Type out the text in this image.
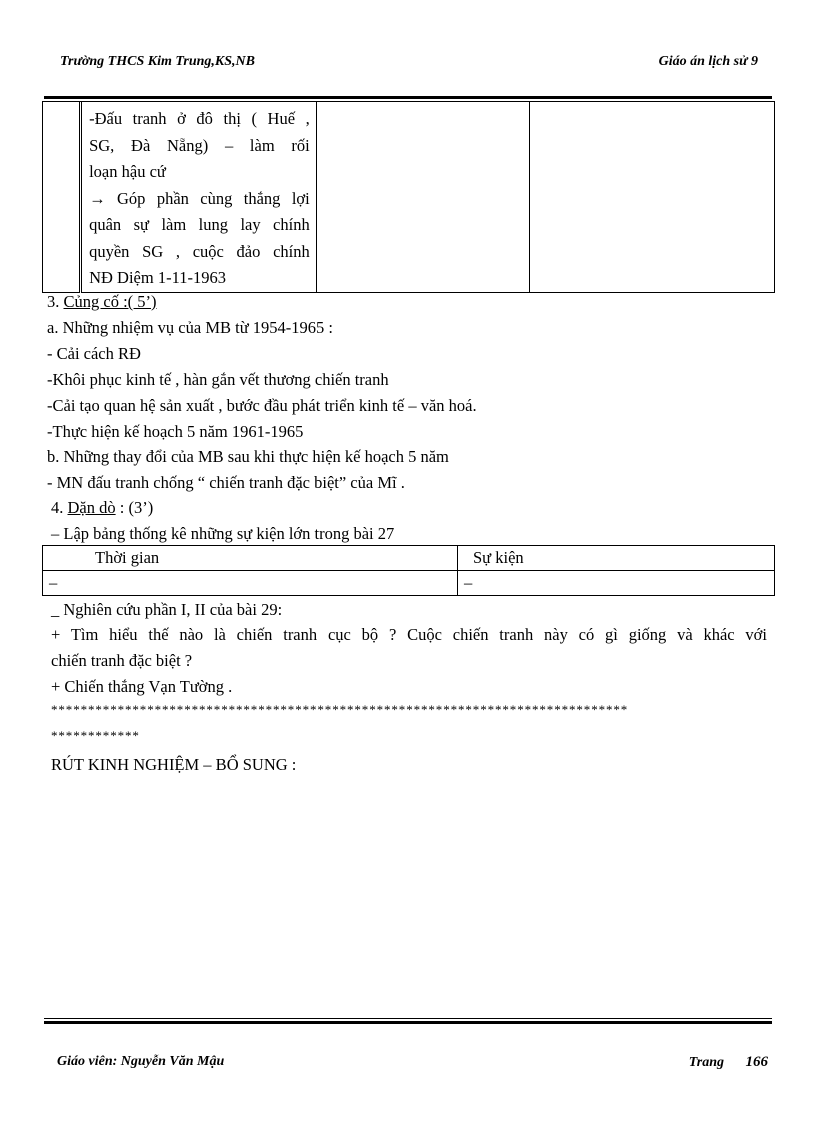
Trường THCS Kim Trung,KS,NB	Giáo án lịch sử 9

-Đấu tranh ở đô thị ( Huế ,
SG, Đà Nẵng) – làm rối
loạn hậu cứ
→ Góp phần cùng thắng lợi
quân sự làm lung lay chính
quyền SG , cuộc đảo chính
NĐ Diệm 1-11-1963

3. Củng cố :( 5’)
a. Những nhiệm vụ của MB từ 1954-1965 :
- Cải cách RĐ
-Khôi phục kinh tế , hàn gắn vết thương chiến tranh
-Cải tạo quan hệ sản xuất , bước đầu phát triển kinh tế – văn hoá.
-Thực hiện kế hoạch 5 năm 1961-1965
b. Những thay đổi của MB sau khi thực hiện kế hoạch 5 năm
- MN đấu tranh chống “ chiến tranh đặc biệt” của Mĩ .
4. Dặn dò : (3’)
– Lập bảng thống kê những sự kiện lớn trong bài 27
Thời gian	Sự kiện
–	–
_ Nghiên cứu phần I, II của bài 29:
+ Tìm hiểu thế nào là chiến tranh cục bộ ? Cuộc chiến tranh này có gì giống và khác với
chiến tranh đặc biệt ?
+ Chiến thắng Vạn Tường .
******************************************************************************
************
RÚT KINH NGHIỆM – BỔ SUNG :
Giáo viên: Nguyễn Văn Mậu	Trang 166
